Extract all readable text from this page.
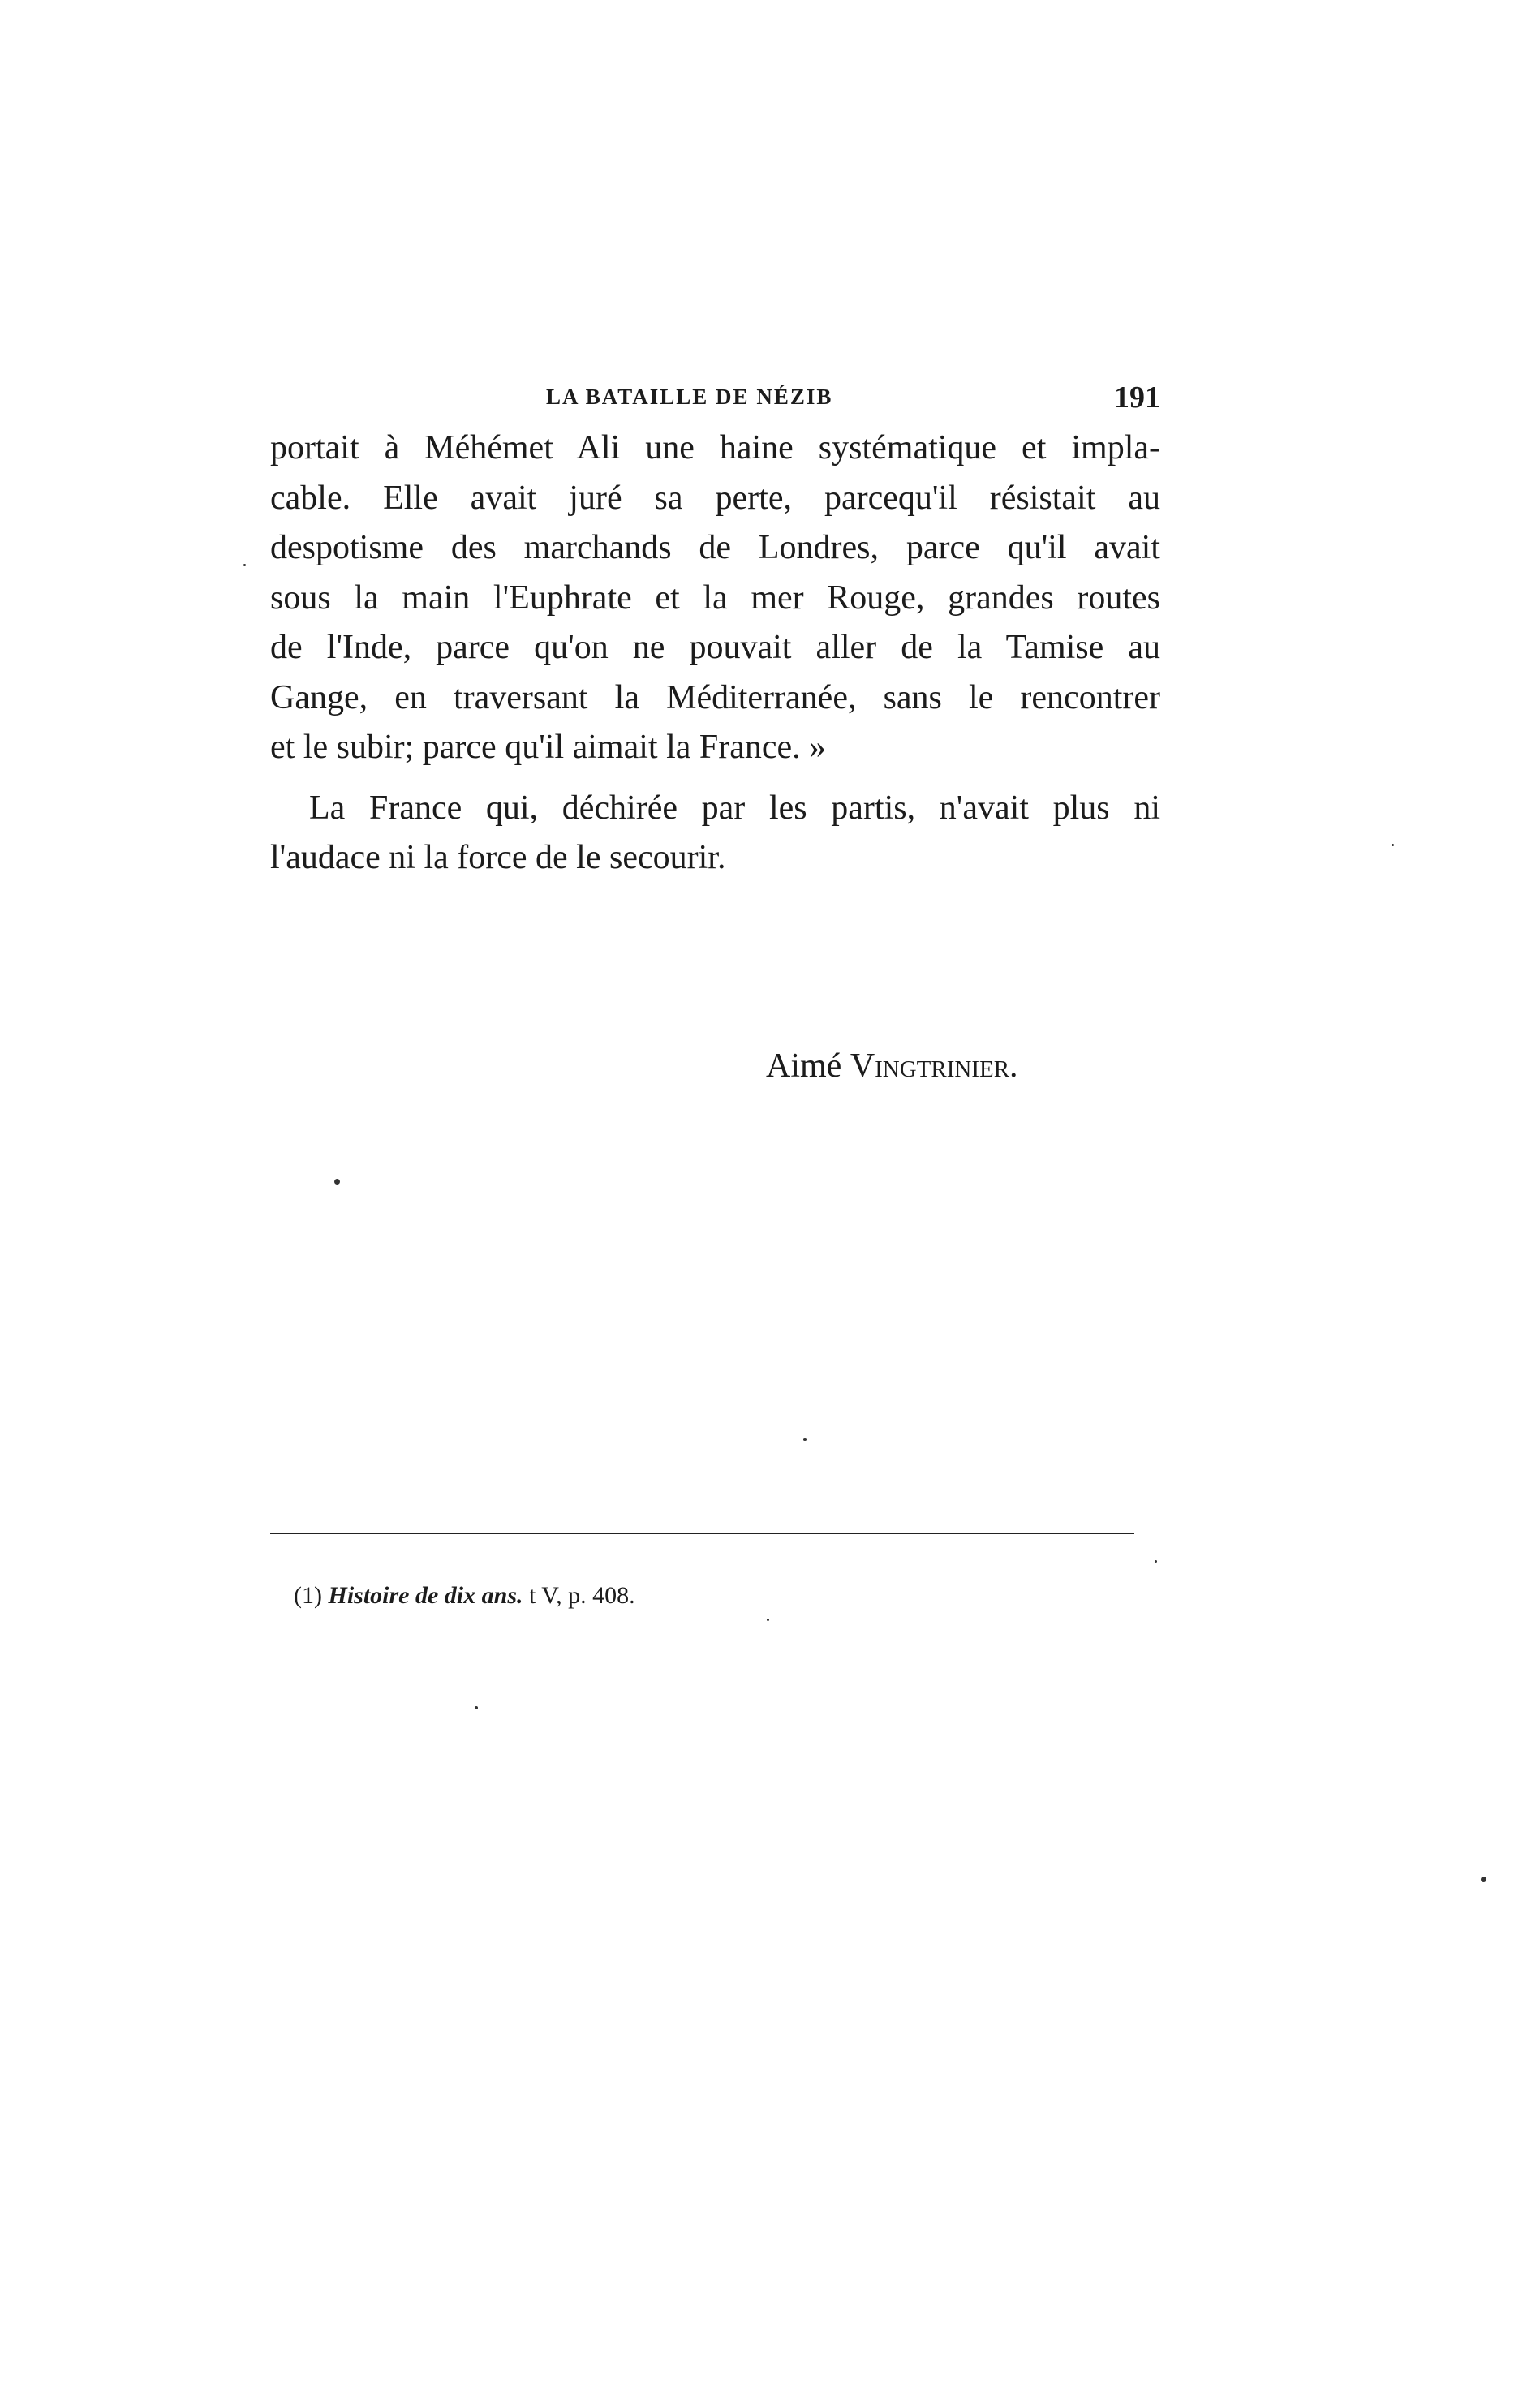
LA BATAILLE DE NÉZIB	191
portait à Méhémet Ali une haine systématique et impla-
cable. Elle avait juré sa perte, parcequ'il résistait au
despotisme des marchands de Londres, parce qu'il avait
sous la main l'Euphrate et la mer Rouge, grandes routes
de l'Inde, parce qu'on ne pouvait aller de la Tamise au
Gange, en traversant la Méditerranée, sans le rencontrer
et le subir; parce qu'il aimait la France. »
La France qui, déchirée par les partis, n'avait plus ni
l'audace ni la force de le secourir.
Aimé Vingtrinier.
(1) Histoire de dix ans. t V, p. 408.
